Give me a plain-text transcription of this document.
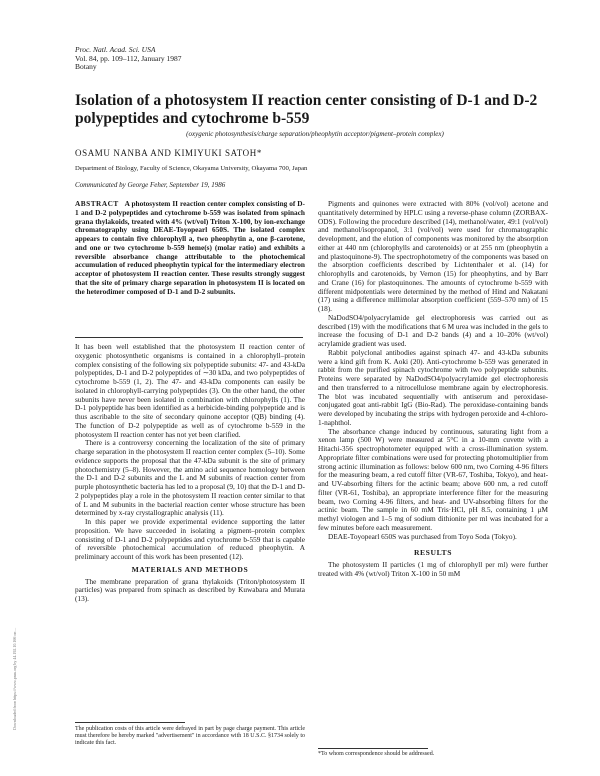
Proc. Natl. Acad. Sci. USA
Vol. 84, pp. 109–112, January 1987
Botany
Isolation of a photosystem II reaction center consisting of D-1 and D-2 polypeptides and cytochrome b-559
(oxygenic photosynthesis/charge separation/pheophytin acceptor/pigment–protein complex)
OSAMU NANBA AND KIMIYUKI SATOH*
Department of Biology, Faculty of Science, Okayama University, Okayama 700, Japan
Communicated by George Feher, September 19, 1986

ABSTRACT A photosystem II reaction center complex consisting of D-1 and D-2 polypeptides and cytochrome b-559 was isolated from spinach grana thylakoids, treated with 4% (wt/vol) Triton X-100, by ion-exchange chromatography using DEAE-Toyopearl 650S. The isolated complex appears to contain five chlorophyll a, two pheophytin a, one β-carotene, and one or two cytochrome b-559 heme(s) (molar ratio) and exhibits a reversible absorbance change attributable to the photochemical accumulation of reduced pheophytin typical for the intermediary electron acceptor of photosystem II reaction center. These results strongly suggest that the site of primary charge separation in photosystem II is located on the heterodimer composed of D-1 and D-2 subunits.

It has been well established that the photosystem II reaction center of oxygenic photosynthetic organisms is contained in a chlorophyll–protein complex consisting of the following six polypeptide subunits: 47- and 43-kDa polypeptides, D-1 and D-2 polypeptides of ∼30 kDa, and two polypeptides of cytochrome b-559 (1, 2). The 47- and 43-kDa components can easily be isolated in chlorophyll-carrying polypeptides (3). On the other hand, the other subunits have never been isolated in combination with chlorophylls (1). The D-1 polypeptide has been identified as a herbicide-binding polypeptide and is thus ascribable to the site of secondary quinone acceptor (QB) binding (4). The function of D-2 polypeptide as well as of cytochrome b-559 in the photosystem II reaction center has not yet been clarified.

There is a controversy concerning the localization of the site of primary charge separation in the photosystem II reaction center complex (5–10). Some evidence supports the proposal that the 47-kDa subunit is the site of primary photochemistry (5–8). However, the amino acid sequence homology between the D-1 and D-2 subunits and the L and M subunits of reaction center from purple photosynthetic bacteria has led to a proposal (9, 10) that the D-1 and D-2 polypeptides play a role in the photosystem II reaction center similar to that of L and M subunits in the bacterial reaction center whose structure has been determined by x-ray crystallographic analysis (11).

In this paper we provide experimental evidence supporting the latter proposition. We have succeeded in isolating a pigment–protein complex consisting of D-1 and D-2 polypeptides and cytochrome b-559 that is capable of reversible photochemical accumulation of reduced pheophytin. A preliminary account of this work has been presented (12).

MATERIALS AND METHODS

The membrane preparation of grana thylakoids (Triton/photosystem II particles) was prepared from spinach as described by Kuwabara and Murata (13).

The publication costs of this article were defrayed in part by page charge payment. This article must therefore be hereby marked "advertisement" in accordance with 18 U.S.C. §1734 solely to indicate this fact.

Pigments and quinones were extracted with 80% (vol/vol) acetone and quantitatively determined by HPLC using a reverse-phase column (ZORBAX-ODS). Following the procedure described (14), methanol/water, 49:1 (vol/vol) and methanol/isopropanol, 3:1 (vol/vol) were used for chromatographic development, and the elution of components was monitored by the absorption either at 440 nm (chlorophylls and carotenoids) or at 255 nm (pheophytin a and plastoquinone-9). The spectrophotometry of the components was based on the absorption coefficients described by Lichtenthaler et al. (14) for chlorophylls and carotenoids, by Vernon (15) for pheophytins, and by Barr and Crane (16) for plastoquinones. The amounts of cytochrome b-559 with different midpotentials were determined by the method of Hind and Nakatani (17) using a difference millimolar absorption coefficient (559–570 nm) of 15 (18).

NaDodSO4/polyacrylamide gel electrophoresis was carried out as described (19) with the modifications that 6 M urea was included in the gels to increase the focusing of D-1 and D-2 bands (4) and a 10–20% (wt/vol) acrylamide gradient was used.

Rabbit polyclonal antibodies against spinach 47- and 43-kDa subunits were a kind gift from K. Aoki (20). Anti-cytochrome b-559 was generated in rabbit from the purified spinach cytochrome with two polypeptide subunits. Proteins were separated by NaDodSO4/polyacrylamide gel electrophoresis and then transferred to a nitrocellulose membrane again by electrophoresis. The blot was incubated sequentially with antiserum and peroxidase-conjugated goat anti-rabbit IgG (Bio-Rad). The peroxidase-containing bands were developed by incubating the strips with hydrogen peroxide and 4-chloro-1-naphthol.

The absorbance change induced by continuous, saturating light from a xenon lamp (500 W) were measured at 5°C in a 10-mm cuvette with a Hitachi-356 spectrophotometer equipped with a cross-illumination system. Appropriate filter combinations were used for protecting photomultiplier from strong actinic illumination as follows: below 600 nm, two Corning 4-96 filters for the measuring beam, a red cutoff filter (VR-67, Toshiba, Tokyo), and heat- and UV-absorbing filters for the actinic beam; above 600 nm, a red cutoff filter (VR-61, Toshiba), an appropriate interference filter for the measuring beam, two Corning 4-96 filters, and heat- and UV-absorbing filters for the actinic beam. The sample in 60 mM Tris·HCl, pH 8.5, containing 1 μM methyl viologen and 1–5 mg of sodium dithionite per ml was incubated for a few minutes before each measurement.

DEAE-Toyopearl 650S was purchased from Toyo Soda (Tokyo).

RESULTS

The photosystem II particles (1 mg of chlorophyll per ml) were further treated with 4% (wt/vol) Triton X-100 in 50 mM

*To whom correspondence should be addressed.
Downloaded from https://www.pnas.org by 44.192.10.166 on ...
